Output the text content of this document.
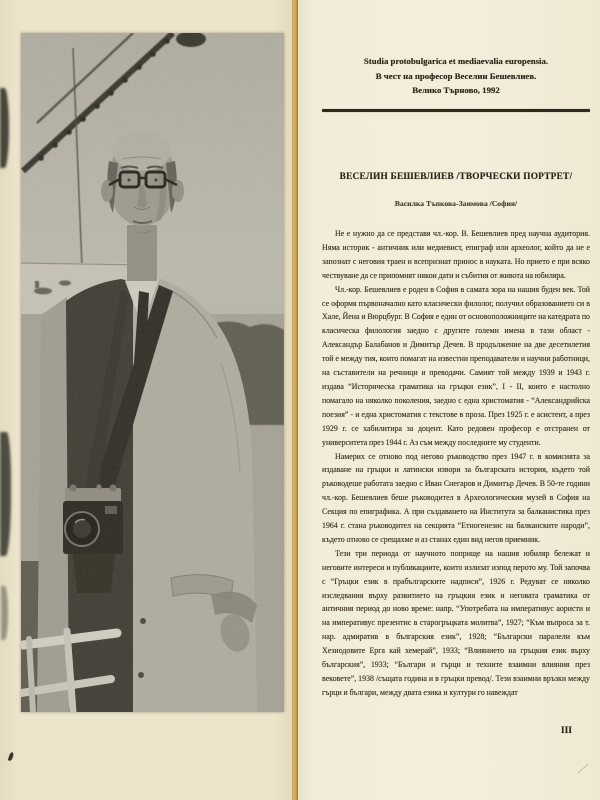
Studia protobulgarica et mediaevalia europensia.
В чест на професор Веселин Бешевлиев.
Велико Търново, 1992
ВЕСЕЛИН БЕШЕВЛИЕВ /ТВОРЧЕСКИ ПОРТРЕТ/
Василка Тъпкова-Заимова /София/

Не е нужно да се представя чл.-кор. В. Бешевлиев пред научна аудитория. Няма историк - античник или медиевист, епиграф или археолог, който да не е запознат с неговия траен и всепризнат принос в науката. Но прието е при всяко чествуване да се припомнят някои дати и събития от живота на юбиляра.

Чл.-кор. Бешевлиев е роден в София в самата зора на нашия буден век. Той се оформя първоначално като класически филолог, получил образованието си в Хале, Йена и Вюрцбург. В София е един от основоположниците на катедрата по класическа филология заедно с другите големи имена в тази област - Александър Балабанов и Димитър Дечев. В продължение на две десетилетия той е между тия, които помагат на известни преподаватели и научни работници, на съставители на речници и преводачи. Самият той между 1939 и 1943 г. издава “Историческа граматика на гръцки език”, I - II, които е настолно помагало на няколко поколения, заедно с една христоматия - “Александрийска поезия” - и една христоматия с текстове в проза. През 1925 г. е асистент, а през 1929 г. се хабилитира за доцент. Като редовен професор е отстранен от университета през 1944 г. Аз съм между последните му студенти.

Намерих се отново под негово ръководство през 1947 г. в комисията за издаване на гръцки и латински извори за българската история, където той ръководеше работата заедно с Иван Снегаров и Димитър Дечев. В 50-те години чл.-кор. Бешевлиев беше ръководител в Археологическия музей в София на Секция по епиграфика. А при създаването на Института за балканистика през 1964 г. стана ръководител на секцията “Етногенезис на балканските народи”, където отново се срещахме и аз станах един вид негов приемник.

Тези три периода от научното поприще на нашия юбиляр бележат и неговите интереси и публикациите, които излизат изпод перото му. Той започва с “Гръцки език в прабългарските надписи”, 1926 г. Редуват се няколко изследвания върху развитието на гръцкия език и неговата граматика от античния период до ново време: напр. “Употребата на императивус аористи и на императивус презентис в старогръцката молитва”, 1927; “Към въпроса за т. нар. адмиратив в българския език”, 1928; “Български паралели към Хезиодовите Ерга кай хемерай”, 1933; “Влиянието на гръцкия език върху българския”, 1933; “Българи и гърци и техните взаимни влияния през вековете”, 1938 /същата година и в гръцки превод/. Тези взаимни връзки между гърци и българи, между двата езика и култури го навеждат

III
